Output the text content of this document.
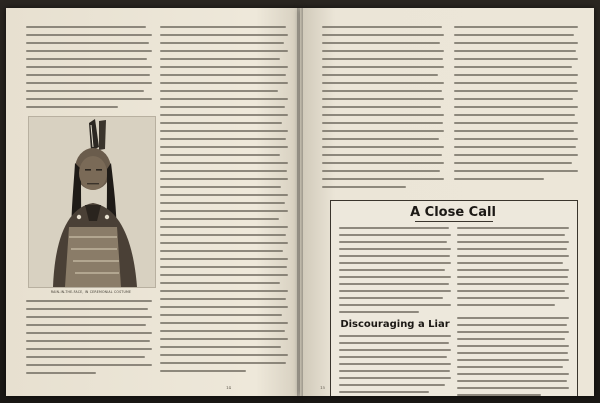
RAIN-IN-THE-FACE, IN CEREMONIAL COSTUME
14
A Close Call
Discouraging a Liar
15
